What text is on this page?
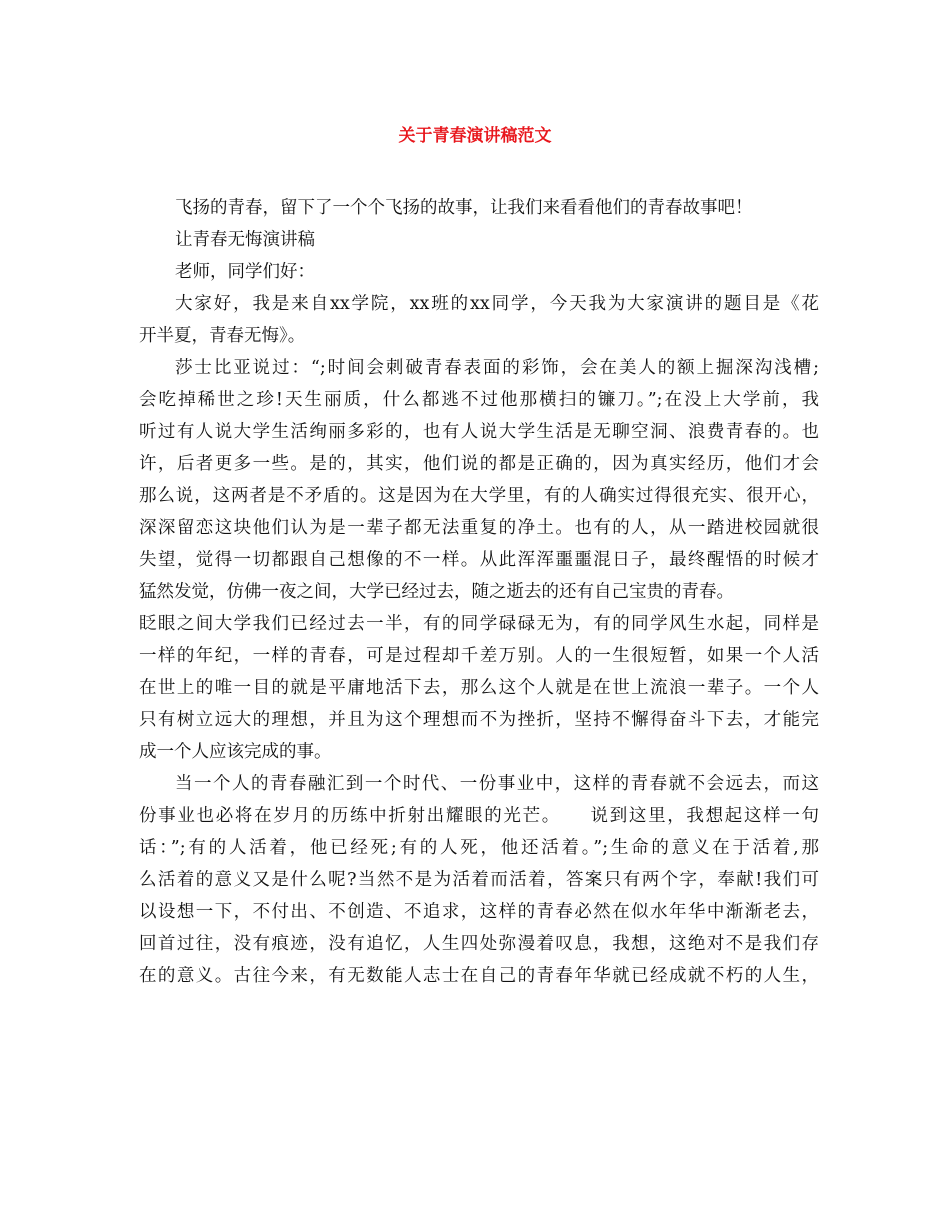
关于青春演讲稿范文
飞扬的青春，留下了一个个飞扬的故事，让我们来看看他们的青春故事吧！
让青春无悔演讲稿
老师，同学们好：
大家好，我是来自xx学院，xx班的xx同学，今天我为大家演讲的题目是《花
开半夏，青春无悔》。
莎士比亚说过：“;时间会刺破青春表面的彩饰，会在美人的额上掘深沟浅槽;
会吃掉稀世之珍!天生丽质，什么都逃不过他那横扫的镰刀。”;在没上大学前，我
听过有人说大学生活绚丽多彩的，也有人说大学生活是无聊空洞、浪费青春的。也
许，后者更多一些。是的，其实，他们说的都是正确的，因为真实经历，他们才会
那么说，这两者是不矛盾的。这是因为在大学里，有的人确实过得很充实、很开心，
深深留恋这块他们认为是一辈子都无法重复的净土。也有的人，从一踏进校园就很
失望，觉得一切都跟自己想像的不一样。从此浑浑噩噩混日子，最终醒悟的时候才
猛然发觉，仿佛一夜之间，大学已经过去，随之逝去的还有自己宝贵的青春。
眨眼之间大学我们已经过去一半，有的同学碌碌无为，有的同学风生水起，同样是
一样的年纪，一样的青春，可是过程却千差万别。人的一生很短暂，如果一个人活
在世上的唯一目的就是平庸地活下去，那么这个人就是在世上流浪一辈子。一个人
只有树立远大的理想，并且为这个理想而不为挫折，坚持不懈得奋斗下去，才能完
成一个人应该完成的事。
当一个人的青春融汇到一个时代、一份事业中，这样的青春就不会远去，而这
份事业也必将在岁月的历练中折射出耀眼的光芒。　　说到这里，我想起这样一句
话：”;有的人活着，他已经死;有的人死，他还活着。”;生命的意义在于活着,那
么活着的意义又是什么呢?当然不是为活着而活着，答案只有两个字，奉献!我们可
以设想一下，不付出、不创造、不追求，这样的青春必然在似水年华中渐渐老去，
回首过往，没有痕迹，没有追忆，人生四处弥漫着叹息，我想，这绝对不是我们存
在的意义。古往今来，有无数能人志士在自己的青春年华就已经成就不朽的人生，
